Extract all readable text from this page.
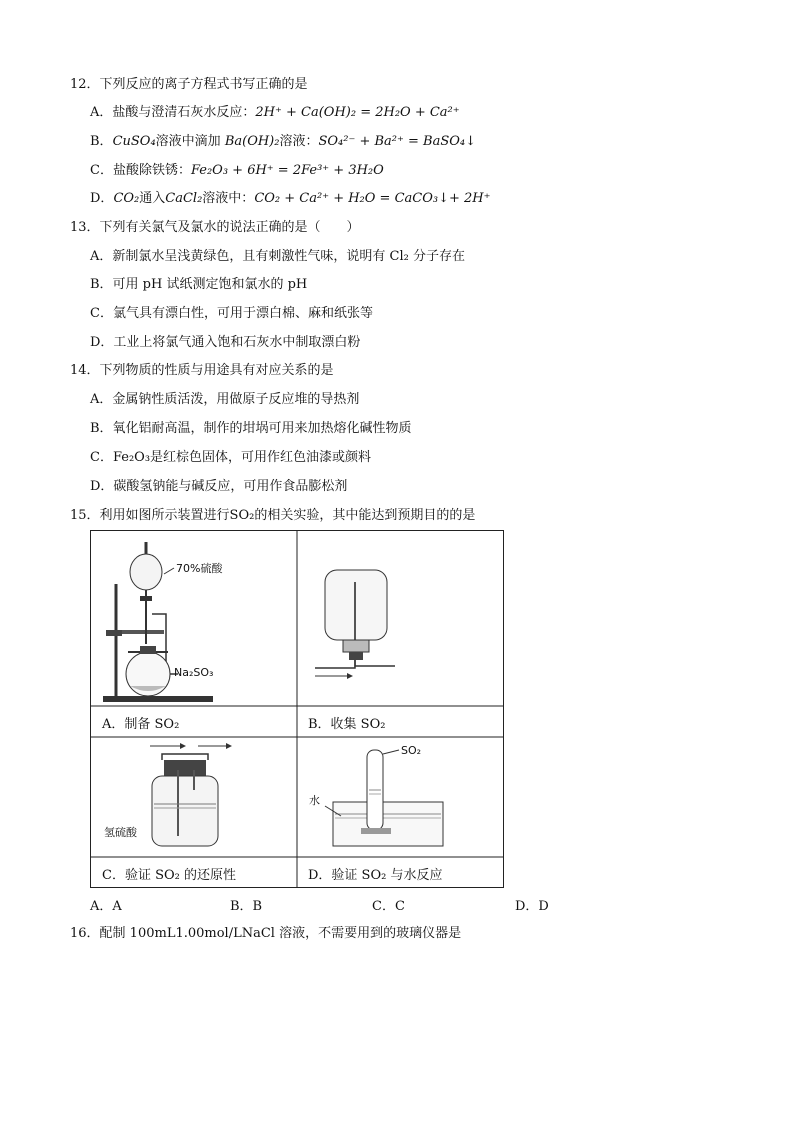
12．下列反应的离子方程式书写正确的是
A．盐酸与澄清石灰水反应：2H⁺ + Ca(OH)₂ = 2H₂O + Ca²⁺
B．CuSO₄溶液中滴加 Ba(OH)₂溶液：SO₄²⁻ + Ba²⁺ = BaSO₄↓
C．盐酸除铁锈：Fe₂O₃ + 6H⁺ = 2Fe³⁺ + 3H₂O
D．CO₂通入CaCl₂溶液中：CO₂ + Ca²⁺ + H₂O = CaCO₃↓+ 2H⁺
13．下列有关氯气及氯水的说法正确的是（　　）
A．新制氯水呈浅黄绿色，且有刺激性气味，说明有 Cl₂ 分子存在
B．可用 pH 试纸测定饱和氯水的 pH
C．氯气具有漂白性，可用于漂白棉、麻和纸张等
D．工业上将氯气通入饱和石灰水中制取漂白粉
14．下列物质的性质与用途具有对应关系的是
A．金属钠性质活泼，用做原子反应堆的导热剂
B．氧化铝耐高温，制作的坩埚可用来加热熔化碱性物质
C．Fe₂O₃是红棕色固体，可用作红色油漆或颜料
D．碳酸氢钠能与碱反应，可用作食品膨松剂
15．利用如图所示装置进行SO₂的相关实验，其中能达到预期目的的是
70%硫酸
Na₂SO₃
氢硫酸
SO₂
水
A．制备 SO₂	B．收集 SO₂
C．验证 SO₂ 的还原性	D．验证 SO₂ 与水反应
A．A	B．B	C．C	D．D
16．配制 100mL1.00mol/LNaCl 溶液，不需要用到的玻璃仪器是
